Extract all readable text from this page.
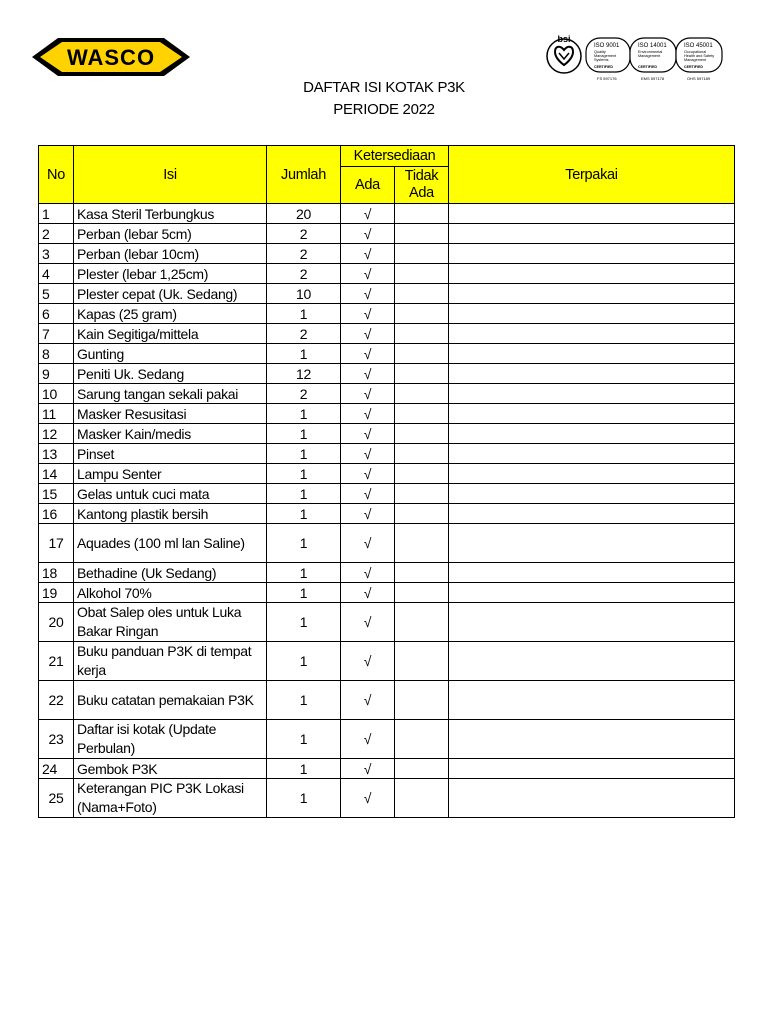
WASCO
bsi
ISO 9001
Quality
Management
Systems
CERTIFIED
FS 597176
ISO 14001
Environmental
Management
CERTIFIED
EMS 597178
ISO 45001
Occupational
Health and Safety
Management
CERTIFIED
OHS 597189
DAFTAR ISI KOTAK P3K
PERIODE 2022
No	Isi	Jumlah	Ketersediaan		Terpakai
			Ada	Tidak Ada	
1	Kasa Steril Terbungkus	20	√		
2	Perban (lebar 5cm)	2	√		
3	Perban (lebar 10cm)	2	√		
4	Plester (lebar 1,25cm)	2	√		
5	Plester cepat (Uk. Sedang)	10	√		
6	Kapas (25 gram)	1	√		
7	Kain Segitiga/mittela	2	√		
8	Gunting	1	√		
9	Peniti Uk. Sedang	12	√		
10	Sarung tangan sekali pakai	2	√		
11	Masker Resusitasi	1	√		
12	Masker Kain/medis	1	√		
13	Pinset	1	√		
14	Lampu Senter	1	√		
15	Gelas untuk cuci mata	1	√		
16	Kantong plastik bersih	1	√		
17	Aquades (100 ml lan Saline)	1	√		
18	Bethadine (Uk Sedang)	1	√		
19	Alkohol 70%	1	√		
20	Obat Salep oles untuk Luka Bakar Ringan	1	√		
21	Buku panduan P3K di tempat kerja	1	√		
22	Buku catatan pemakaian P3K	1	√		
23	Daftar isi kotak (Update Perbulan)	1	√		
24	Gembok P3K	1	√		
25	Keterangan PIC P3K Lokasi (Nama+Foto)	1	√		
